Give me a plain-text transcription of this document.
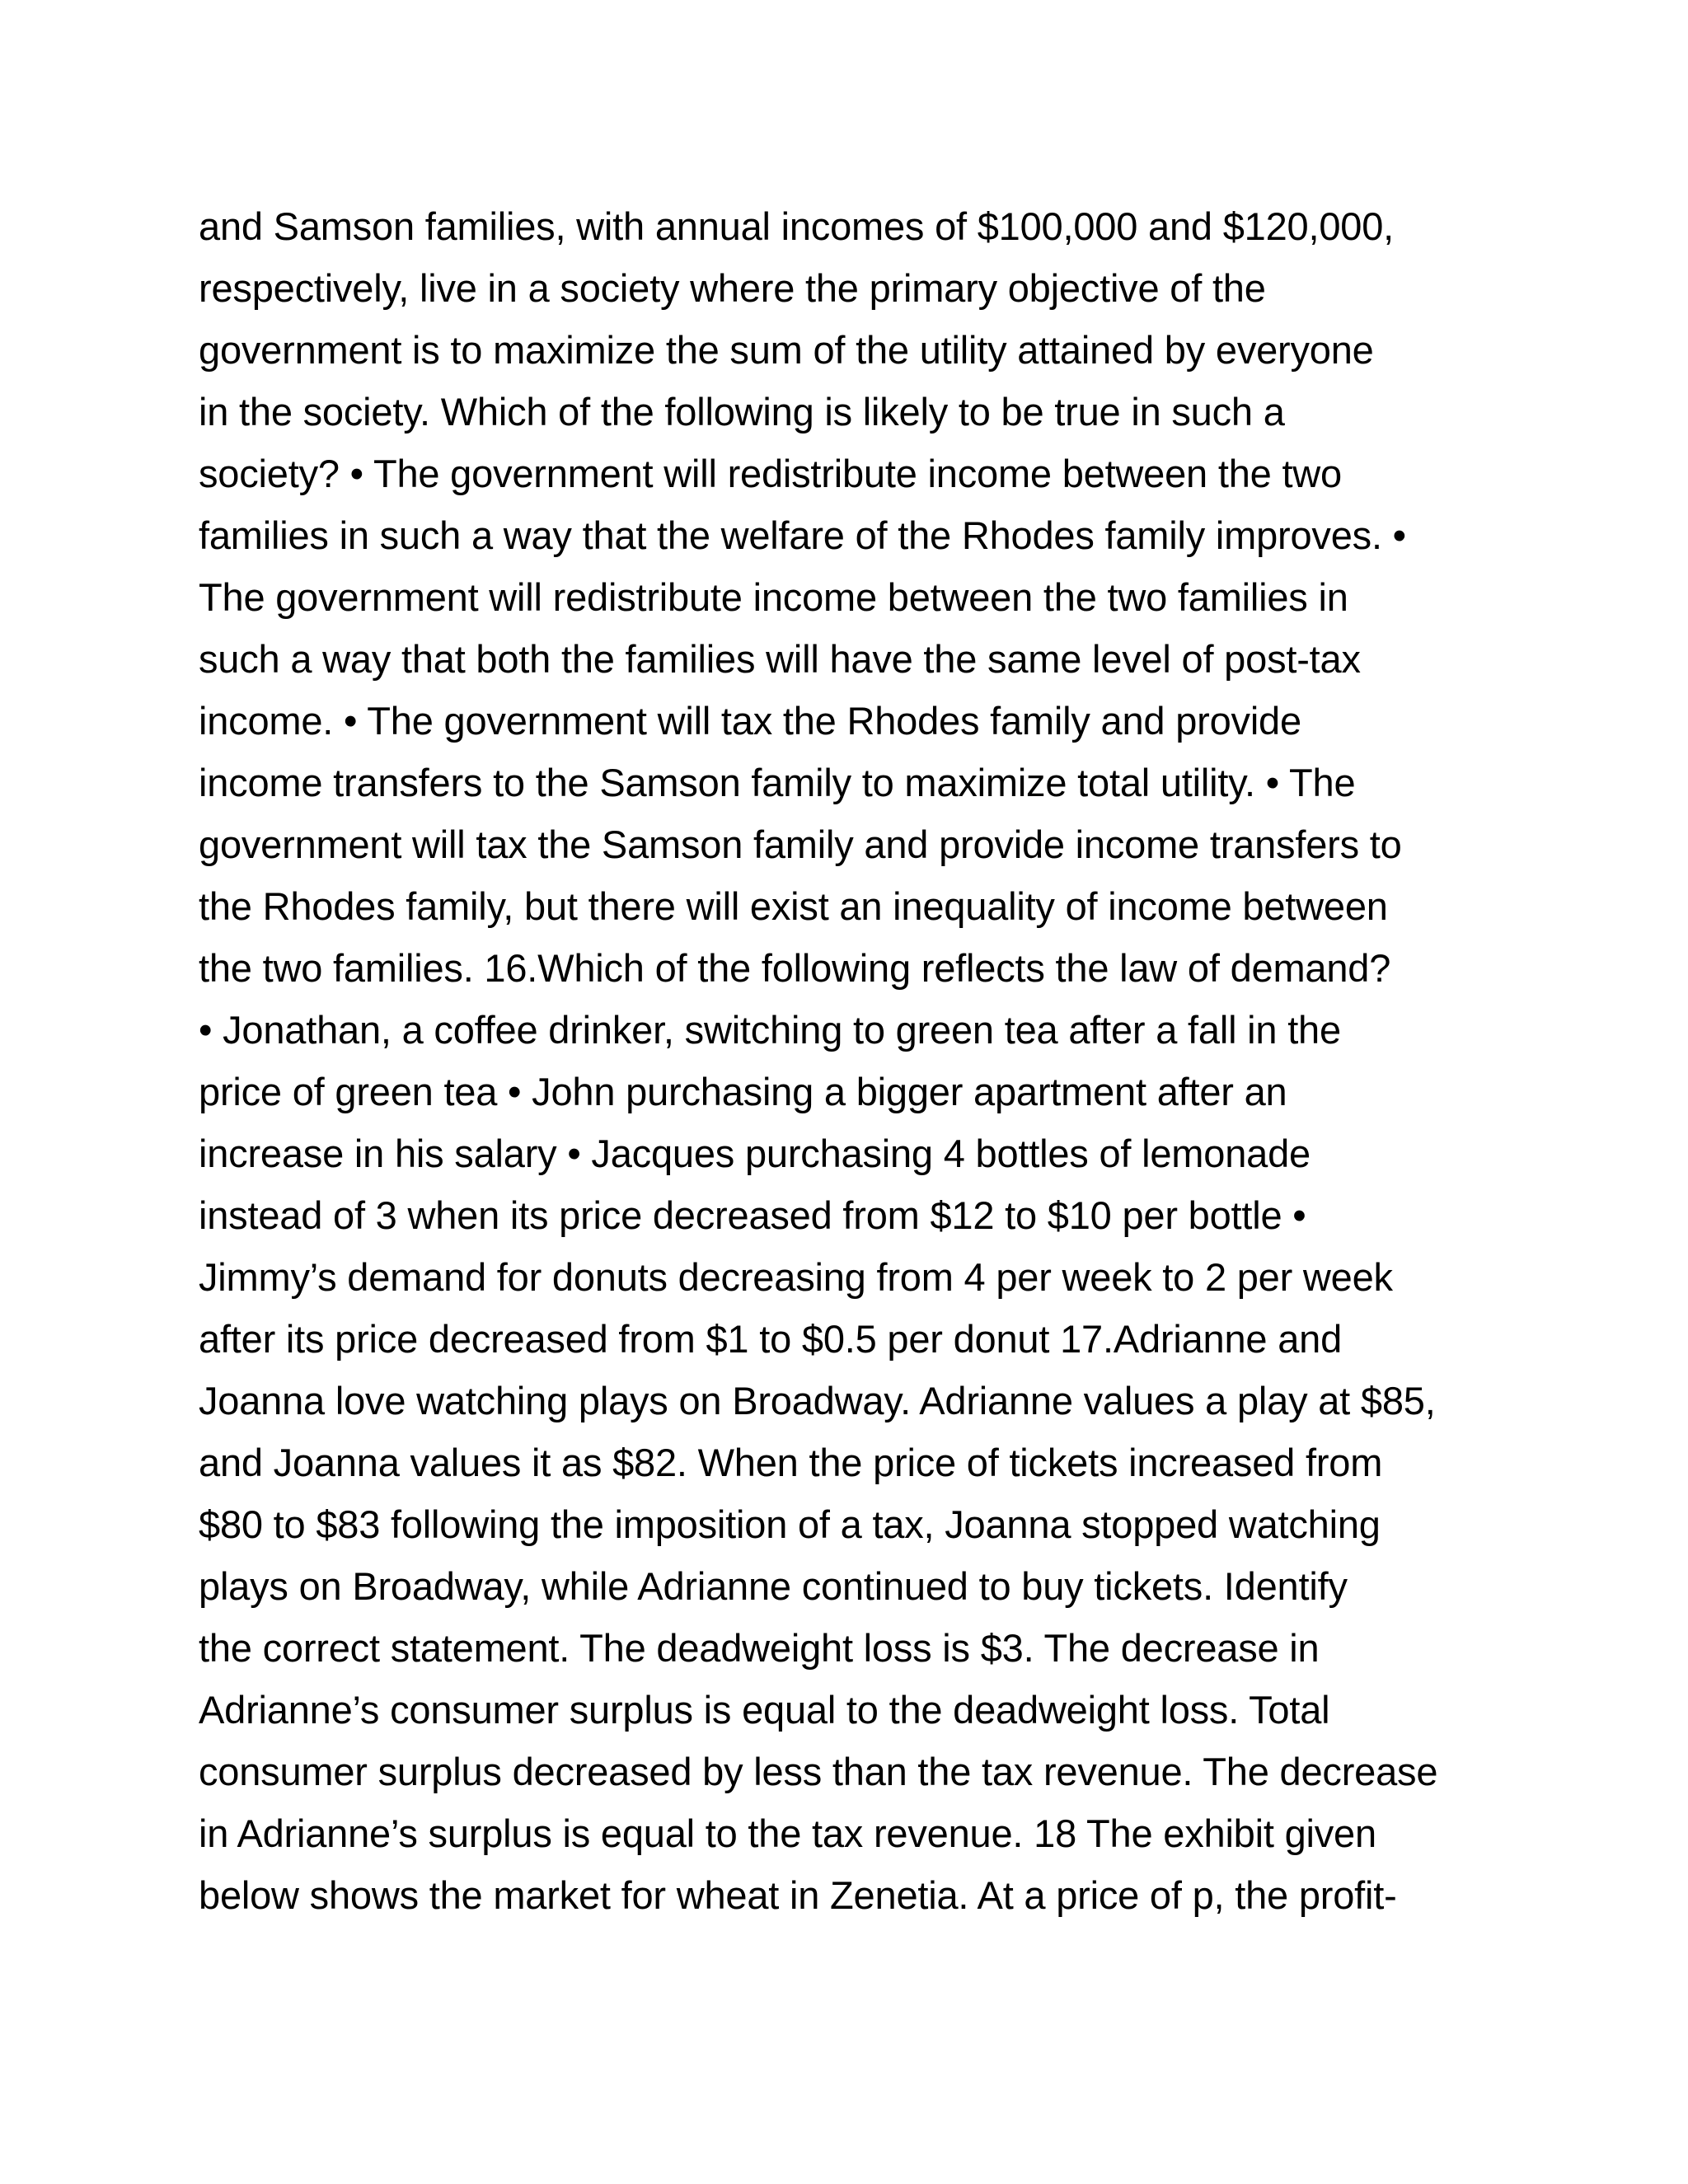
and Samson families, with annual incomes of $100,000 and $120,000,
respectively, live in a society where the primary objective of the
government is to maximize the sum of the utility attained by everyone
in the society. Which of the following is likely to be true in such a
society? • The government will redistribute income between the two
families in such a way that the welfare of the Rhodes family improves. •
The government will redistribute income between the two families in
such a way that both the families will have the same level of post-tax
income. • The government will tax the Rhodes family and provide
income transfers to the Samson family to maximize total utility. • The
government will tax the Samson family and provide income transfers to
the Rhodes family, but there will exist an inequality of income between
the two families. 16.Which of the following reflects the law of demand?
• Jonathan, a coffee drinker, switching to green tea after a fall in the
price of green tea • John purchasing a bigger apartment after an
increase in his salary • Jacques purchasing 4 bottles of lemonade
instead of 3 when its price decreased from $12 to $10 per bottle •
Jimmy’s demand for donuts decreasing from 4 per week to 2 per week
after its price decreased from $1 to $0.5 per donut 17.Adrianne and
Joanna love watching plays on Broadway. Adrianne values a play at $85,
and Joanna values it as $82. When the price of tickets increased from
$80 to $83 following the imposition of a tax, Joanna stopped watching
plays on Broadway, while Adrianne continued to buy tickets. Identify
the correct statement. The deadweight loss is $3. The decrease in
Adrianne’s consumer surplus is equal to the deadweight loss. Total
consumer surplus decreased by less than the tax revenue. The decrease
in Adrianne’s surplus is equal to the tax revenue. 18 The exhibit given
below shows the market for wheat in Zenetia. At a price of p, the profit-
